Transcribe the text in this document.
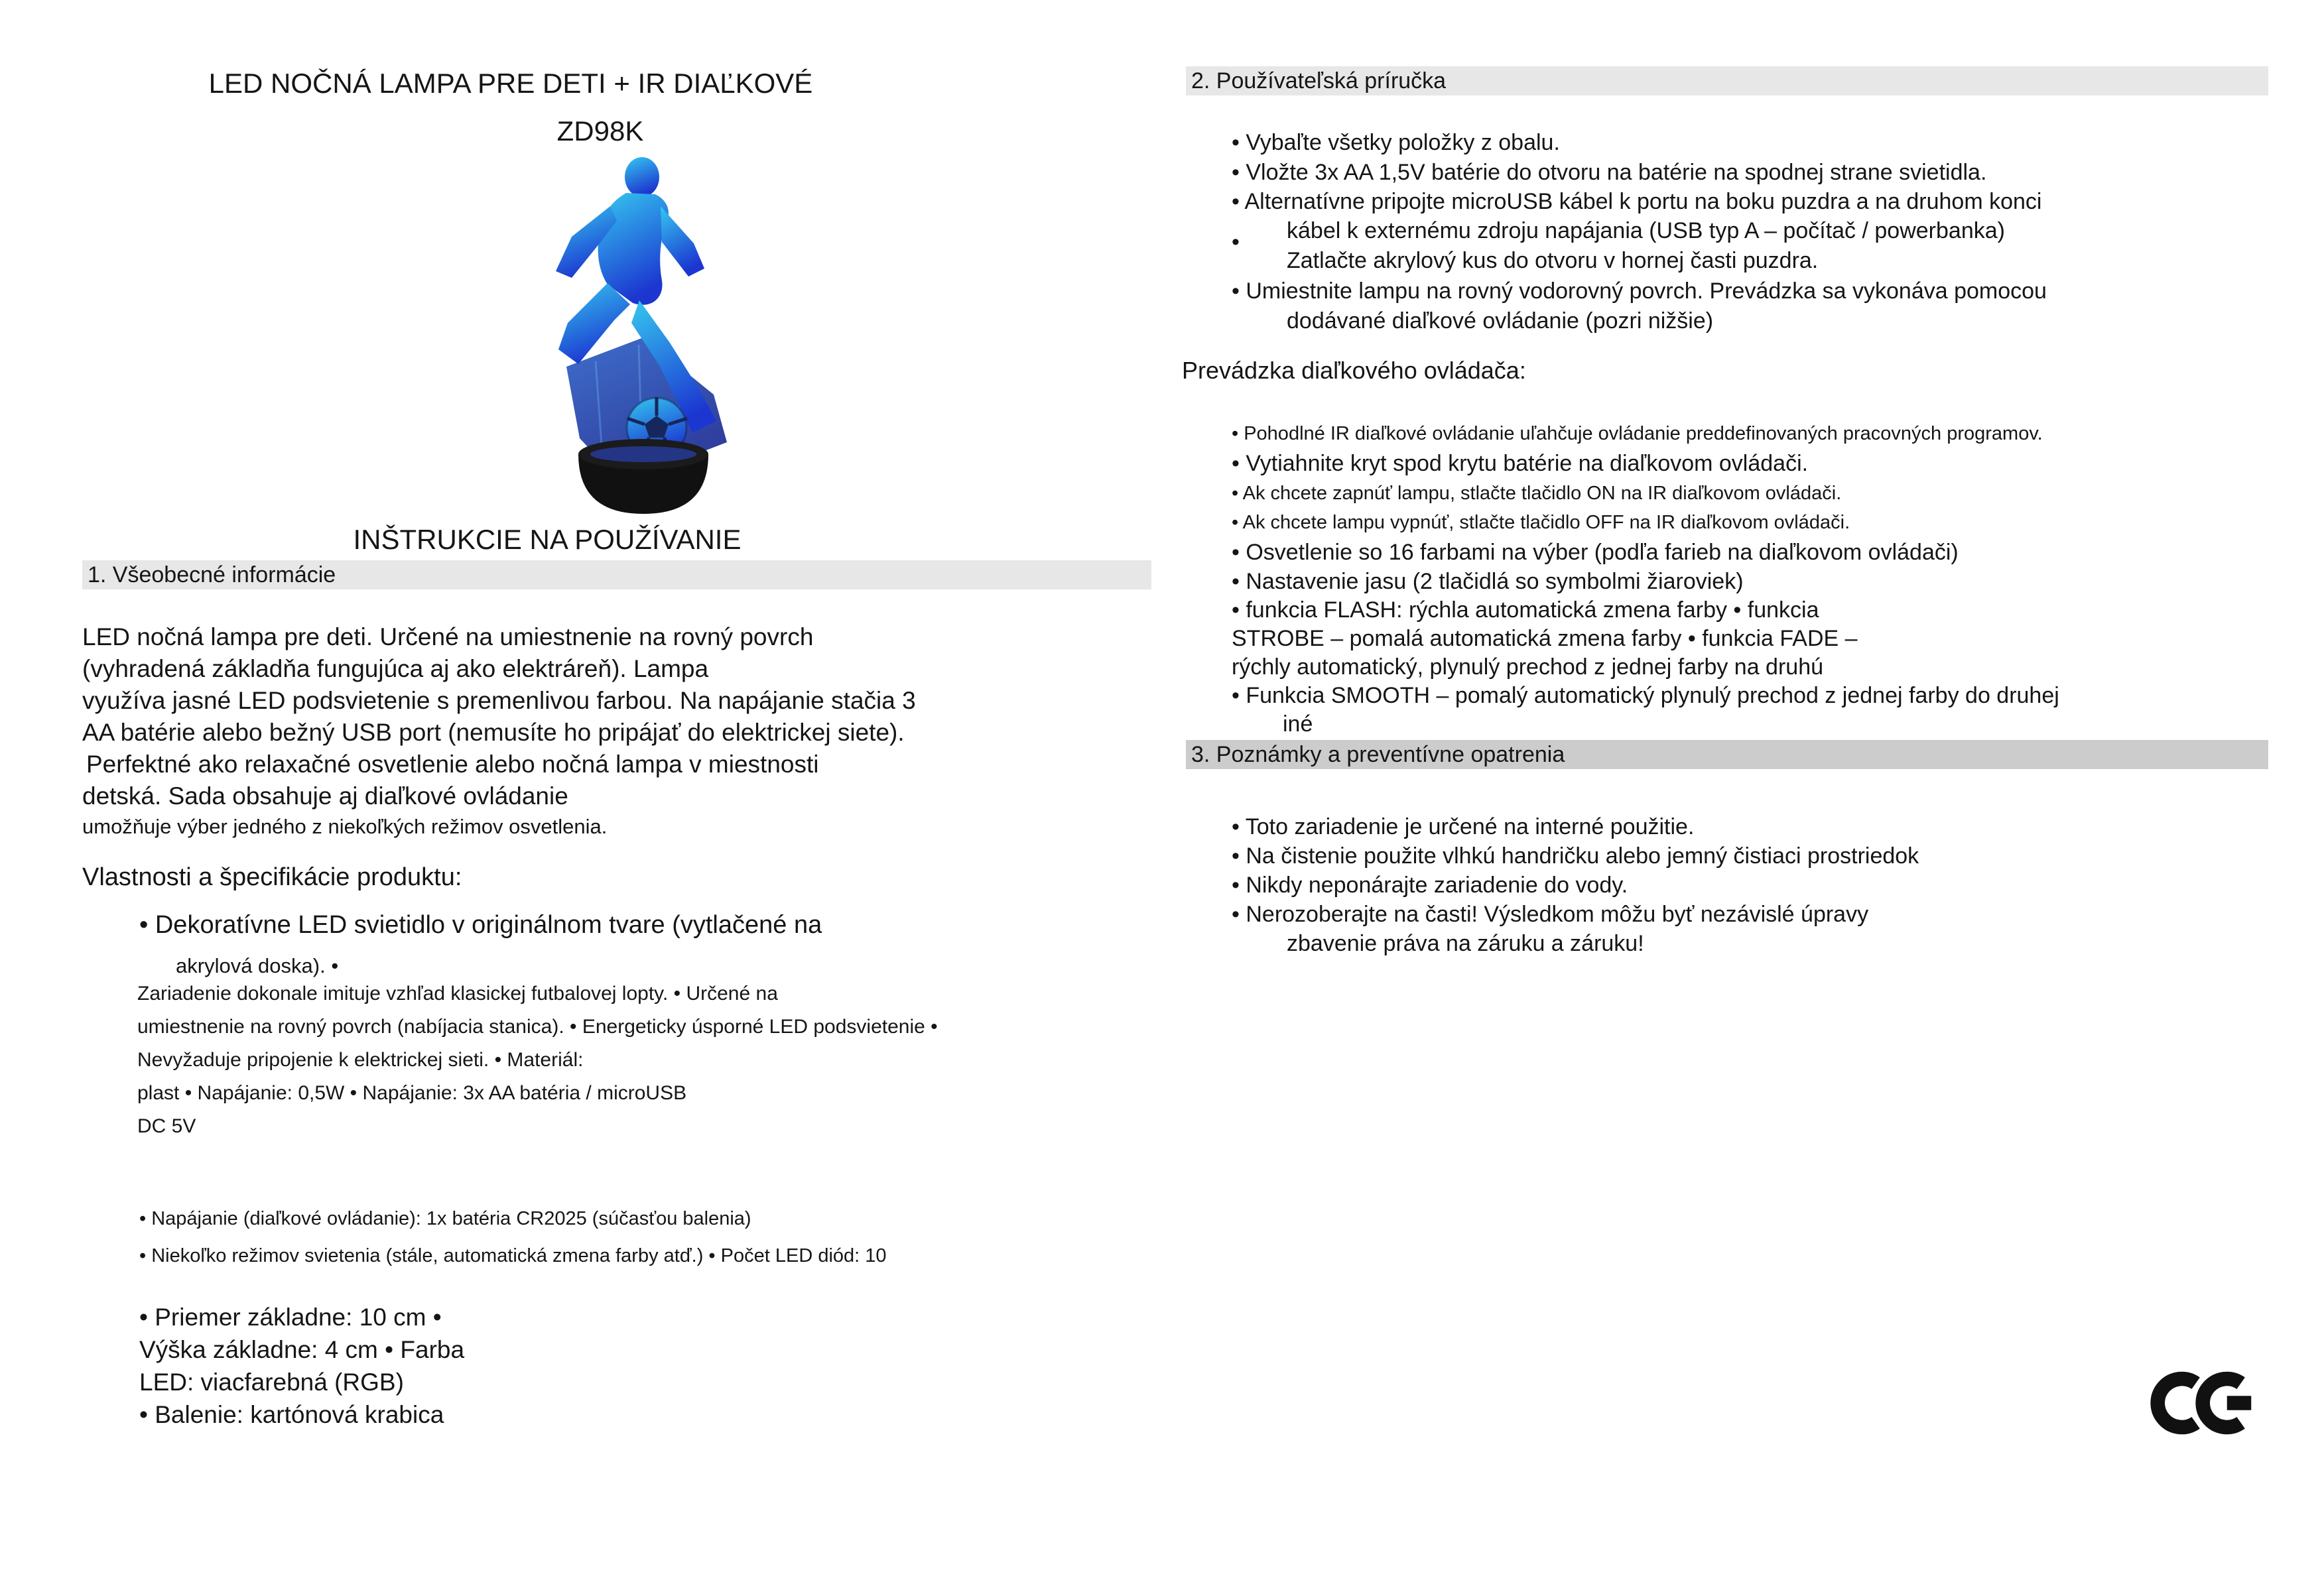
LED NOČNÁ LAMPA PRE DETI + IR DIAĽKOVÉ
ZD98K
INŠTRUKCIE NA POUŽÍVANIE
1. Všeobecné informácie
LED nočná lampa pre deti. Určené na umiestnenie na rovný povrch
(vyhradená základňa fungujúca aj ako elektráreň). Lampa
využíva jasné LED podsvietenie s premenlivou farbou. Na napájanie stačia 3
AA batérie alebo bežný USB port (nemusíte ho pripájať do elektrickej siete).
Perfektné ako relaxačné osvetlenie alebo nočná lampa v miestnosti
detská. Sada obsahuje aj diaľkové ovládanie
umožňuje výber jedného z niekoľkých režimov osvetlenia.
Vlastnosti a špecifikácie produktu:
• Dekoratívne LED svietidlo v originálnom tvare (vytlačené na
akrylová doska). •
Zariadenie dokonale imituje vzhľad klasickej futbalovej lopty. • Určené na
umiestnenie na rovný povrch (nabíjacia stanica). • Energeticky úsporné LED podsvietenie •
Nevyžaduje pripojenie k elektrickej sieti. • Materiál:
plast • Napájanie: 0,5W • Napájanie: 3x AA batéria / microUSB
DC 5V
• Napájanie (diaľkové ovládanie): 1x batéria CR2025 (súčasťou balenia)
• Niekoľko režimov svietenia (stále, automatická zmena farby atď.) • Počet LED diód: 10
• Priemer základne: 10 cm •
Výška základne: 4 cm • Farba
LED: viacfarebná (RGB)
• Balenie: kartónová krabica
2. Používateľská príručka
• Vybaľte všetky položky z obalu.
• Vložte 3x AA 1,5V batérie do otvoru na batérie na spodnej strane svietidla.
• Alternatívne pripojte microUSB kábel k portu na boku puzdra a na druhom konci
kábel k externému zdroju napájania (USB typ A – počítač / powerbanka)
•
Zatlačte akrylový kus do otvoru v hornej časti puzdra.
• Umiestnite lampu na rovný vodorovný povrch. Prevádzka sa vykonáva pomocou
dodávané diaľkové ovládanie (pozri nižšie)
Prevádzka diaľkového ovládača:
• Pohodlné IR diaľkové ovládanie uľahčuje ovládanie preddefinovaných pracovných programov.
• Vytiahnite kryt spod krytu batérie na diaľkovom ovládači.
• Ak chcete zapnúť lampu, stlačte tlačidlo ON na IR diaľkovom ovládači.
• Ak chcete lampu vypnúť, stlačte tlačidlo OFF na IR diaľkovom ovládači.
• Osvetlenie so 16 farbami na výber (podľa farieb na diaľkovom ovládači)
• Nastavenie jasu (2 tlačidlá so symbolmi žiaroviek)
• funkcia FLASH: rýchla automatická zmena farby • funkcia
STROBE – pomalá automatická zmena farby • funkcia FADE –
rýchly automatický, plynulý prechod z jednej farby na druhú
• Funkcia SMOOTH – pomalý automatický plynulý prechod z jednej farby do druhej
iné
3. Poznámky a preventívne opatrenia
• Toto zariadenie je určené na interné použitie.
• Na čistenie použite vlhkú handričku alebo jemný čistiaci prostriedok
• Nikdy neponárajte zariadenie do vody.
• Nerozoberajte na časti! Výsledkom môžu byť nezávislé úpravy
zbavenie práva na záruku a záruku!
